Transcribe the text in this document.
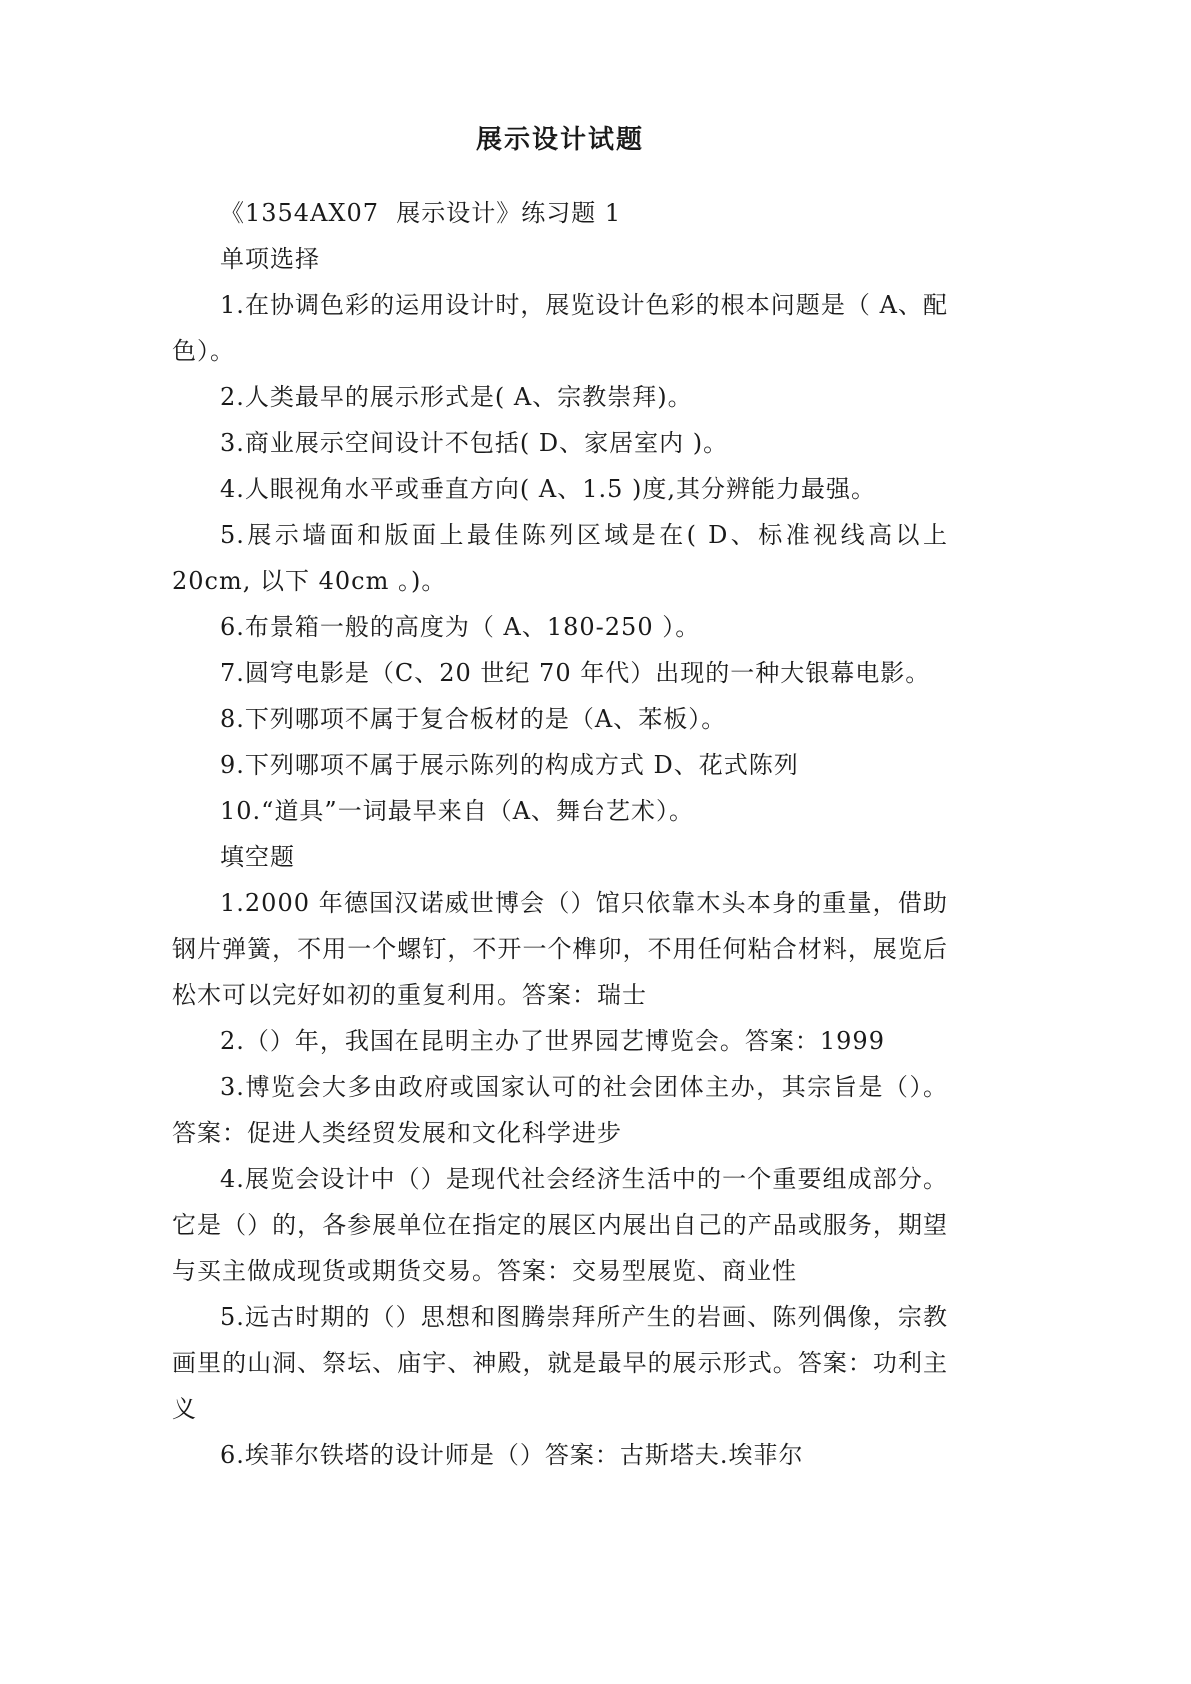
展示设计试题

《1354AX07  展示设计》练习题 1

单项选择

1.在协调色彩的运用设计时，展览设计色彩的根本问题是（ A、配色）。

2.人类最早的展示形式是( A、宗教崇拜)。

3.商业展示空间设计不包括( D、家居室内 )。

4.人眼视角水平或垂直方向( A、1.5 )度,其分辨能力最强。

5.展示墙面和版面上最佳陈列区域是在( D、标准视线高以上 20cm, 以下 40cm 。)。

6.布景箱一般的高度为（ A、180-250 ）。

7.圆穹电影是（C、20 世纪 70 年代）出现的一种大银幕电影。

8.下列哪项不属于复合板材的是（A、苯板）。

9.下列哪项不属于展示陈列的构成方式 D、花式陈列

10.“道具”一词最早来自（A、舞台艺术）。

填空题

1.2000 年德国汉诺威世博会（）馆只依靠木头本身的重量，借助钢片弹簧，不用一个螺钉，不开一个榫卯，不用任何粘合材料，展览后松木可以完好如初的重复利用。答案：瑞士

2.（）年，我国在昆明主办了世界园艺博览会。答案：1999

3.博览会大多由政府或国家认可的社会团体主办，其宗旨是（）。答案：促进人类经贸发展和文化科学进步

4.展览会设计中（）是现代社会经济生活中的一个重要组成部分。它是（）的，各参展单位在指定的展区内展出自己的产品或服务，期望与买主做成现货或期货交易。答案：交易型展览、商业性

5.远古时期的（）思想和图腾崇拜所产生的岩画、陈列偶像，宗教画里的山洞、祭坛、庙宇、神殿，就是最早的展示形式。答案：功利主义

6.埃菲尔铁塔的设计师是（）答案：古斯塔夫.埃菲尔
